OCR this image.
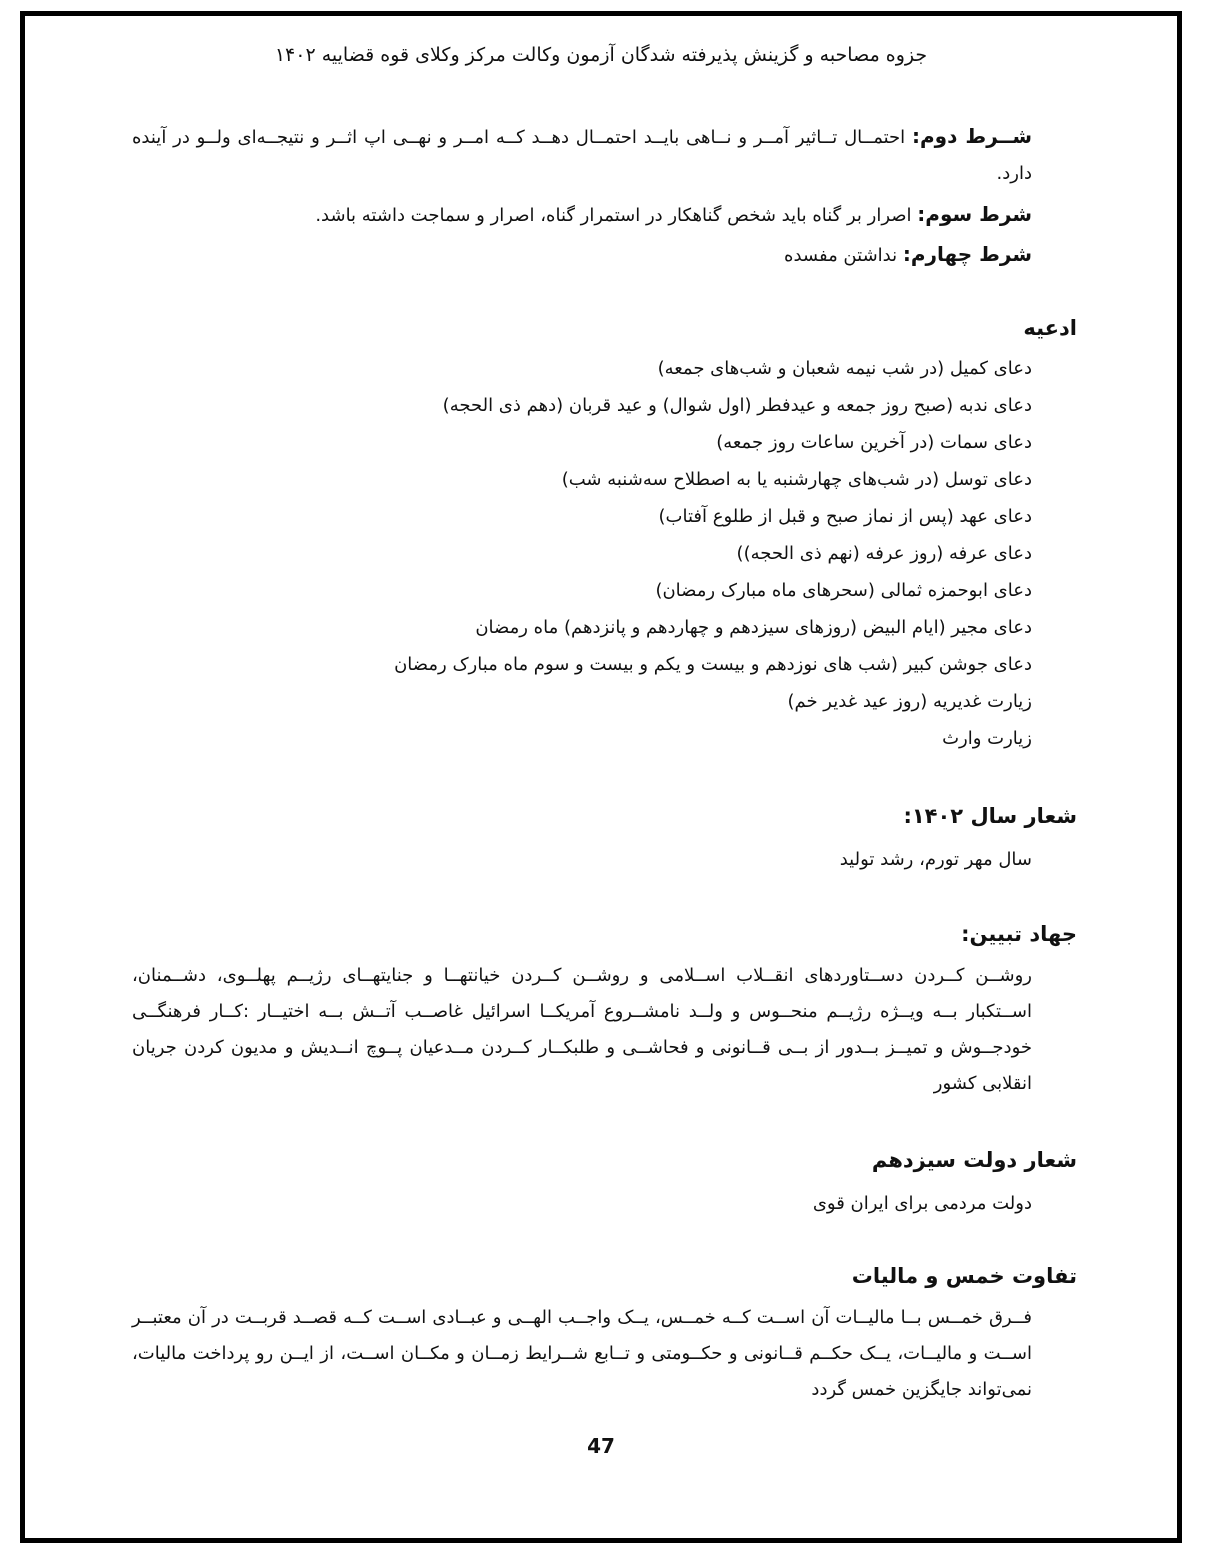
جزوه مصاحبه و گزینش پذیرفته شدگان آزمون وکالت مرکز وکلای قوه قضاییه ۱۴۰۲
شــرط دوم: احتمــال تــاثیر آمــر و نــاهی بایــد احتمــال دهــد کــه امــر و نهــی اپ اثــر و نتیجــه‌ای ولــو در آینده دارد.
شرط سوم: اصرار بر گناه باید شخص گناهکار در استمرار گناه، اصرار و سماجت داشته باشد.
شرط چهارم: نداشتن مفسده
ادعیه
دعای کمیل (در شب نیمه شعبان و شب‌های جمعه)
دعای ندبه (صبح روز جمعه و عیدفطر (اول شوال) و عید قربان (دهم ذی الحجه)
دعای سمات (در آخرین ساعات روز جمعه)
دعای توسل (در شب‌های چهارشنبه یا به اصطلاح سه‌شنبه شب)
دعای عهد (پس از نماز صبح و قبل از طلوع آفتاب)
دعای عرفه (روز عرفه (نهم ذی الحجه))
دعای ابوحمزه ثمالی (سحرهای ماه مبارک رمضان)
دعای مجیر (ایام البیض (روزهای سیزدهم و چهاردهم و پانزدهم) ماه رمضان
دعای جوشن کبیر (شب های نوزدهم و بیست و یکم و بیست و سوم ماه مبارک رمضان
زیارت غدیریه (روز عید غدیر خم)
زیارت وارث
شعار سال ۱۴۰۲:
سال مهر تورم، رشد تولید
جهاد تبیین:
روشــن کــردن دســتاوردهای انقــلاب اســلامی و روشــن کــردن خیانتهــا و جنایتهــای رژیــم پهلــوی، دشــمنان، اســتکبار بــه ویــژه رژیــم منحــوس و ولــد نامشــروع آمریکــا اسرائیل غاصــب آتــش بــه اختیــار :کــار فرهنگــی خودجــوش و تمیــز بــدور از بــی قــانونی و فحاشــی و طلبکــار کــردن مــدعیان پــوچ انــدیش و مدیون کردن جریان انقلابی کشور
شعار دولت سیزدهم
دولت مردمی برای ایران قوی
تفاوت خمس و مالیات
فــرق خمــس بــا مالیــات آن اســت کــه خمــس، یــک واجــب الهــی و عبــادی اســت کــه قصــد قربــت در آن معتبــر اســت و مالیــات، یــک حکــم قــانونی و حکــومتی و تــابع شــرایط زمــان و مکــان اســت، از ایــن رو پرداخت مالیات، نمی‌تواند جایگزین خمس گردد
47
